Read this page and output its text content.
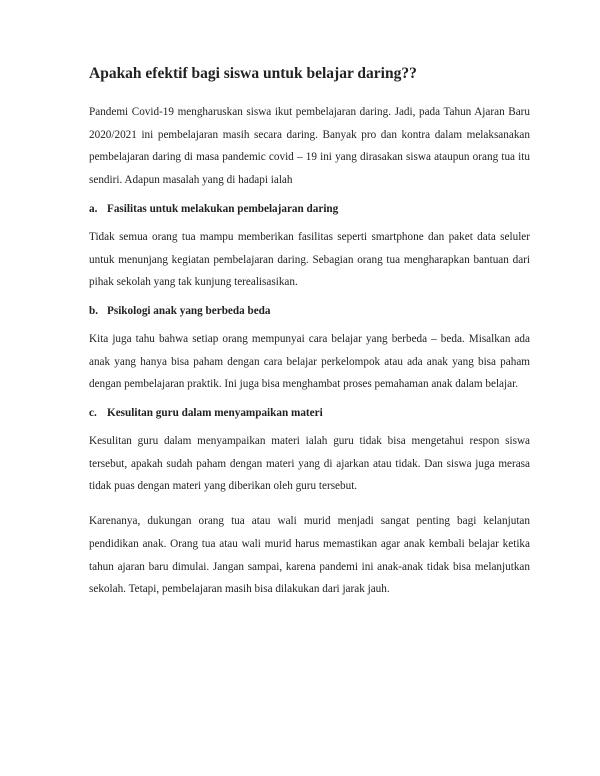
Apakah efektif bagi siswa untuk belajar daring??

Pandemi Covid-19 mengharuskan siswa ikut pembelajaran daring. Jadi, pada Tahun Ajaran Baru 2020/2021 ini pembelajaran masih secara daring. Banyak pro dan kontra dalam melaksanakan pembelajaran daring di masa pandemic covid – 19 ini yang dirasakan siswa ataupun orang tua itu sendiri. Adapun masalah yang di hadapi ialah

a. Fasilitas untuk melakukan pembelajaran daring

Tidak semua orang tua mampu memberikan fasilitas seperti smartphone dan paket data seluler untuk menunjang kegiatan pembelajaran daring. Sebagian orang tua mengharapkan bantuan dari pihak sekolah yang tak kunjung terealisasikan.

b. Psikologi anak yang berbeda beda

Kita juga tahu bahwa setiap orang mempunyai cara belajar yang berbeda – beda. Misalkan ada anak yang hanya bisa paham dengan cara belajar perkelompok atau ada anak yang bisa paham dengan pembelajaran praktik. Ini juga bisa menghambat proses pemahaman anak dalam belajar.

c. Kesulitan guru dalam menyampaikan materi

Kesulitan guru dalam menyampaikan materi ialah guru tidak bisa mengetahui respon siswa tersebut, apakah sudah paham dengan materi yang di ajarkan atau tidak. Dan siswa juga merasa tidak puas dengan materi yang diberikan oleh guru tersebut.

Karenanya, dukungan orang tua atau wali murid menjadi sangat penting bagi kelanjutan pendidikan anak. Orang tua atau wali murid harus memastikan agar anak kembali belajar ketika tahun ajaran baru dimulai. Jangan sampai, karena pandemi ini anak-anak tidak bisa melanjutkan sekolah. Tetapi, pembelajaran masih bisa dilakukan dari jarak jauh.
